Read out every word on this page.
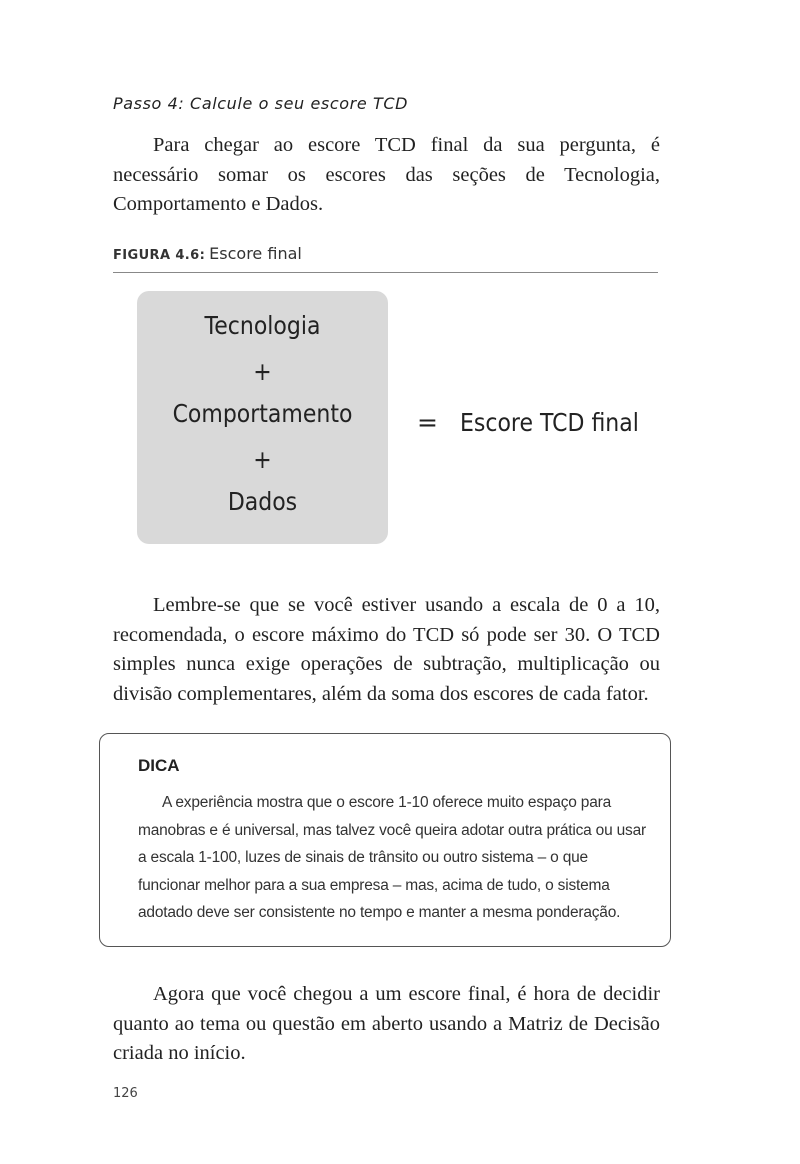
Passo 4: Calcule o seu escore TCD

Para chegar ao escore TCD final da sua pergunta, é necessário somar os escores das seções de Tecnologia, Comportamento e Dados.

FIGURA 4.6: Escore final
Tecnologia
+
Comportamento
+
Dados
= Escore TCD final

Lembre-se que se você estiver usando a escala de 0 a 10, recomendada, o escore máximo do TCD só pode ser 30. O TCD simples nunca exige operações de subtração, multiplicação ou divisão complementares, além da soma dos escores de cada fator.

DICA

A experiência mostra que o escore 1-10 oferece muito espaço para manobras e é universal, mas talvez você queira adotar outra prática ou usar a escala 1-100, luzes de sinais de trânsito ou outro sistema – o que funcionar melhor para a sua empresa – mas, acima de tudo, o sistema adotado deve ser consistente no tempo e manter a mesma ponderação.

Agora que você chegou a um escore final, é hora de decidir quanto ao tema ou questão em aberto usando a Matriz de Decisão criada no início.

126
